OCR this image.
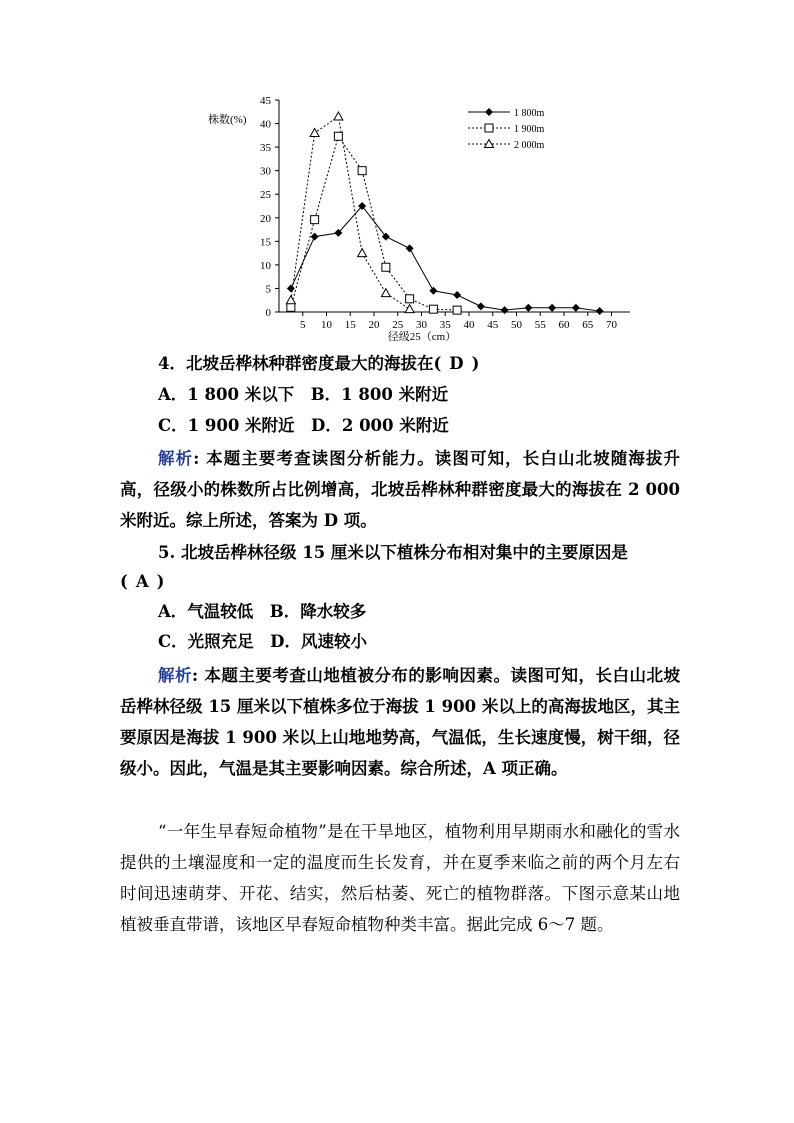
株数(%)
0
5
10
15
20
25
30
35
40
45
5 10 15 20 25 30 35 40 45 50 55 60 65 70
1 800m
1 900m
2 000m
径级25（cm）
4．北坡岳桦林种群密度最大的海拔在( D )
A．1 800 米以下　B．1 800 米附近
C．1 900 米附近　D．2 000 米附近
解析: 本题主要考查读图分析能力。读图可知，长白山北坡随海拔升高，径级小的株数所占比例增高，北坡岳桦林种群密度最大的海拔在 2 000 米附近。综上所述，答案为 D 项。
5. 北坡岳桦林径级 15 厘米以下植株分布相对集中的主要原因是
( A )
A．气温较低　B．降水较多
C．光照充足　D．风速较小
解析: 本题主要考查山地植被分布的影响因素。读图可知，长白山北坡岳桦林径级 15 厘米以下植株多位于海拔 1 900 米以上的高海拔地区，其主要原因是海拔 1 900 米以上山地地势高，气温低，生长速度慢，树干细，径级小。因此，气温是其主要影响因素。综合所述，A 项正确。
“一年生早春短命植物”是在干旱地区，植物利用早期雨水和融化的雪水提供的土壤湿度和一定的温度而生长发育，并在夏季来临之前的两个月左右时间迅速萌芽、开花、结实，然后枯萎、死亡的植物群落。下图示意某山地植被垂直带谱，该地区早春短命植物种类丰富。据此完成 6～7 题。
